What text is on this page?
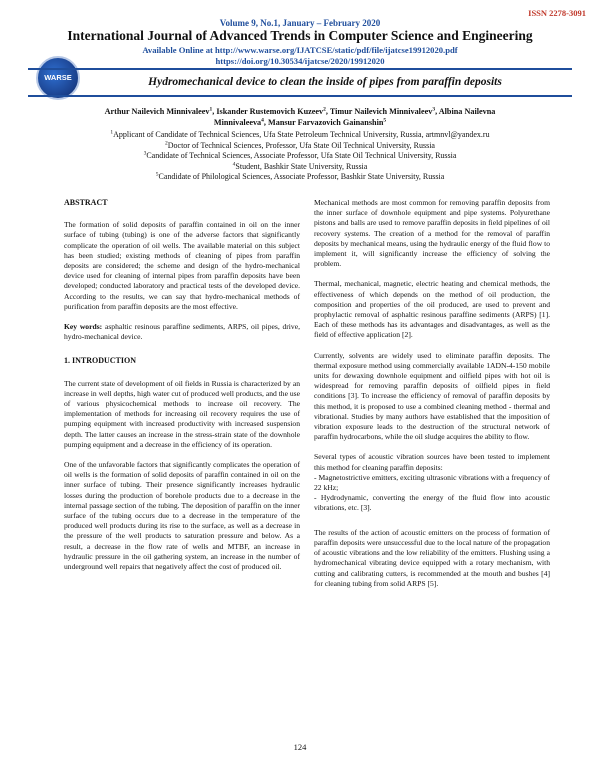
ISSN 2278-3091
Volume 9, No.1, January – February 2020
International Journal of Advanced Trends in Computer Science and Engineering
Available Online at http://www.warse.org/IJATCSE/static/pdf/file/ijatcse19912020.pdf
https://doi.org/10.30534/ijatcse/2020/19912020
WARSE	Hydromechanical device to clean the inside of pipes from paraffin deposits
Arthur Nailevich Minnivaleev$^1$, Iskander Rustemovich Kuzeev$^2$, Timur Nailevich Minnivaleev$^3$, Albina Nailevna
Minnivaleeva$^4$, Mansur Farvazovich Gainanshin$^5$
$^1$Applicant of Candidate of Technical Sciences, Ufa State Petroleum Technical University, Russia, artmnvl@yandex.ru
$^2$Doctor of Technical Sciences, Professor, Ufa State Oil Technical University, Russia
$^3$Candidate of Technical Sciences, Associate Professor, Ufa State Oil Technical University, Russia
$^4$Student, Bashkir State University, Russia
$^5$Candidate of Philological Sciences, Associate Professor, Bashkir State University, Russia
ABSTRACT

The formation of solid deposits of paraffin contained in oil on the inner surface of tubing (tubing) is one of the adverse factors that significantly complicate the operation of oil wells. The available material on this subject has been studied; existing methods of cleaning of pipes from paraffin deposits are considered; the scheme and design of the hydro-mechanical device used for cleaning of internal pipes from paraffin deposits have been developed; conducted laboratory and practical tests of the developed device. According to the results, we can say that hydro-mechanical methods of purification from paraffin deposits are the most effective.

Key words: asphaltic resinous paraffine sediments, ARPS, oil pipes, drive, hydro-mechanical device.

1. INTRODUCTION

The current state of development of oil fields in Russia is characterized by an increase in well depths, high water cut of produced well products, and the use of various physicochemical methods to increase oil recovery. The implementation of methods for increasing oil recovery requires the use of pumping equipment with increased productivity with increased suspension depth. The latter causes an increase in the stress-strain state of the downhole pumping equipment and a decrease in the efficiency of its operation.

One of the unfavorable factors that significantly complicates the operation of oil wells is the formation of solid deposits of paraffin contained in oil on the inner surface of tubing. Their presence significantly increases hydraulic losses during the production of borehole products due to a decrease in the internal passage section of the tubing. The deposition of paraffin on the inner surface of the tubing occurs due to a decrease in the temperature of the produced well products during its rise to the surface, as well as a decrease in the pressure of the well products to saturation pressure and below. As a result, a decrease in the flow rate of wells and MTBF, an increase in hydraulic pressure in the oil gathering system, an increase in the number of underground well repairs that negatively affect the cost of produced oil.

Mechanical methods are most common for removing paraffin deposits from the inner surface of downhole equipment and pipe systems. Polyurethane pistons and balls are used to remove paraffin deposits in field pipelines of oil recovery systems. The creation of a method for the removal of paraffin deposits by mechanical means, using the hydraulic energy of the fluid flow to implement it, will significantly increase the efficiency of solving the problem.

Thermal, mechanical, magnetic, electric heating and chemical methods, the effectiveness of which depends on the method of oil production, the composition and properties of the oil produced, are used to prevent and prophylactic removal of asphaltic resinous paraffine sediments (ARPS) [1]. Each of these methods has its advantages and disadvantages, as well as the field of effective application [2].

Currently, solvents are widely used to eliminate paraffin deposits. The thermal exposure method using commercially available 1ADN-4-150 mobile units for dewaxing downhole equipment and oilfield pipes with hot oil is widespread for removing paraffin deposits of oilfield pipes in field conditions [3]. To increase the efficiency of removal of paraffin deposits by this method, it is proposed to use a combined cleaning method - thermal and vibrational. Studies by many authors have established that the imposition of vibration exposure leads to the destruction of the structural network of paraffin hydrocarbons, while the oil sludge acquires the ability to flow.

Several types of acoustic vibration sources have been tested to implement this method for cleaning paraffin deposits:

- Magnetostrictive emitters, exciting ultrasonic vibrations with a frequency of 22 kHz;
- Hydrodynamic, converting the energy of the fluid flow into acoustic vibrations, etc. [3].

The results of the action of acoustic emitters on the process of formation of paraffin deposits were unsuccessful due to the local nature of the propagation of acoustic vibrations and the low reliability of the emitters. Flushing using a hydromechanical vibrating device equipped with a rotary mechanism, with cutting and calibrating cutters, is recommended at the mouth and bushes [4] for cleaning tubing from solid ARPS [5].

124
